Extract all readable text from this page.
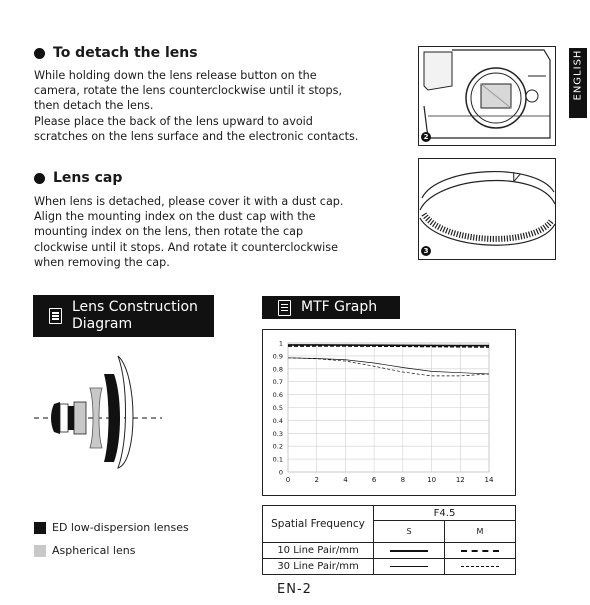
ENGLISH
To detach the lens

While holding down the lens release button on the

camera, rotate the lens counterclockwise until it stops,

then detach the lens.

Please place the back of the lens upward to avoid

scratches on the lens surface and the electronic contacts.	2
Lens cap

When lens is detached, please cover it with a dust cap.

Align the mounting index on the dust cap with the

mounting index on the lens, then rotate the cap

clockwise until it stops. And rotate it counterclockwise

when removing the cap.

V
3
Lens Construction
Diagram
ED low-dispersion lenses
Aspherical lens
MTF Graph
0	2	4	6	8	10	12	14
0
0.1
0.2
0.3
0.4
0.5
0.6
0.7
0.8
0.9
1
Spatial Frequency	F4.5	
	S	M
10 Line Pair/mm	

30 Line Pair/mm	

EN-2
